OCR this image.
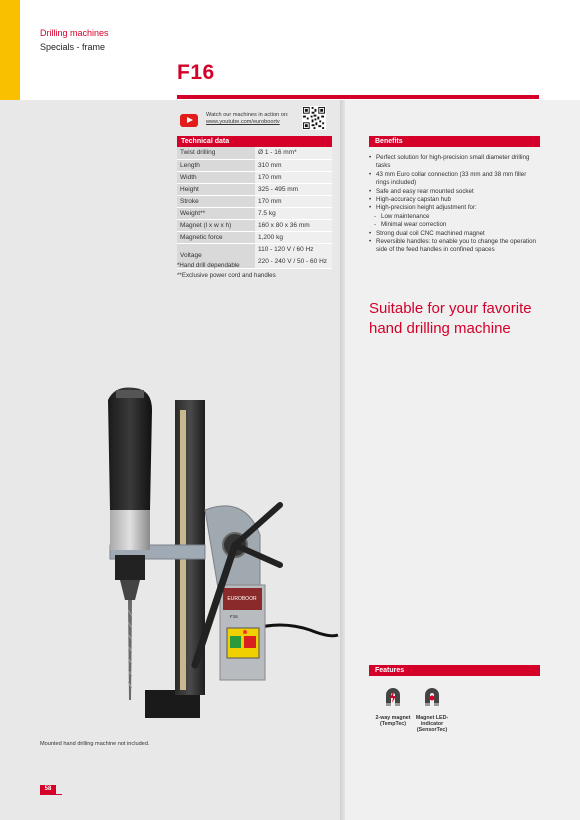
Drilling machines
Specials - frame
F16
Watch our machines in action on:
www.youtube.com/euroboortv
Technical data
Twist drilling	Ø 1 - 16 mm*
Length	310 mm
Width	170 mm
Height	325 - 495 mm
Stroke	170 mm
Weight**	7.5 kg
Magnet (l x w x h)	160 x 80 x 36 mm
Magnetic force	1,200 kg
Voltage	110 - 120 V / 60 Hz
220 - 240 V / 50 - 60 Hz
*Hand drill dependable
**Exclusive power cord and handles
Benefits
• Perfect solution for high-precision small diameter drilling tasks
• 43 mm Euro collar connection (33 mm and 38 mm filler rings included)
• Safe and easy rear mounted socket
• High-accuracy capstan hub
• High-precision height adjustment for:
- Low maintenance
- Minimal wear correction
• Strong dual coil CNC machined magnet
• Reversible handles: to enable you to change the operation side of the feed handles in confined spaces
Suitable for your favorite hand drilling machine
EUROBOOR
F16
Features
2-way magnet (TempTec)
Magnet LED-indicator (SensorTec)
Mounted hand drilling machine not included.
58
